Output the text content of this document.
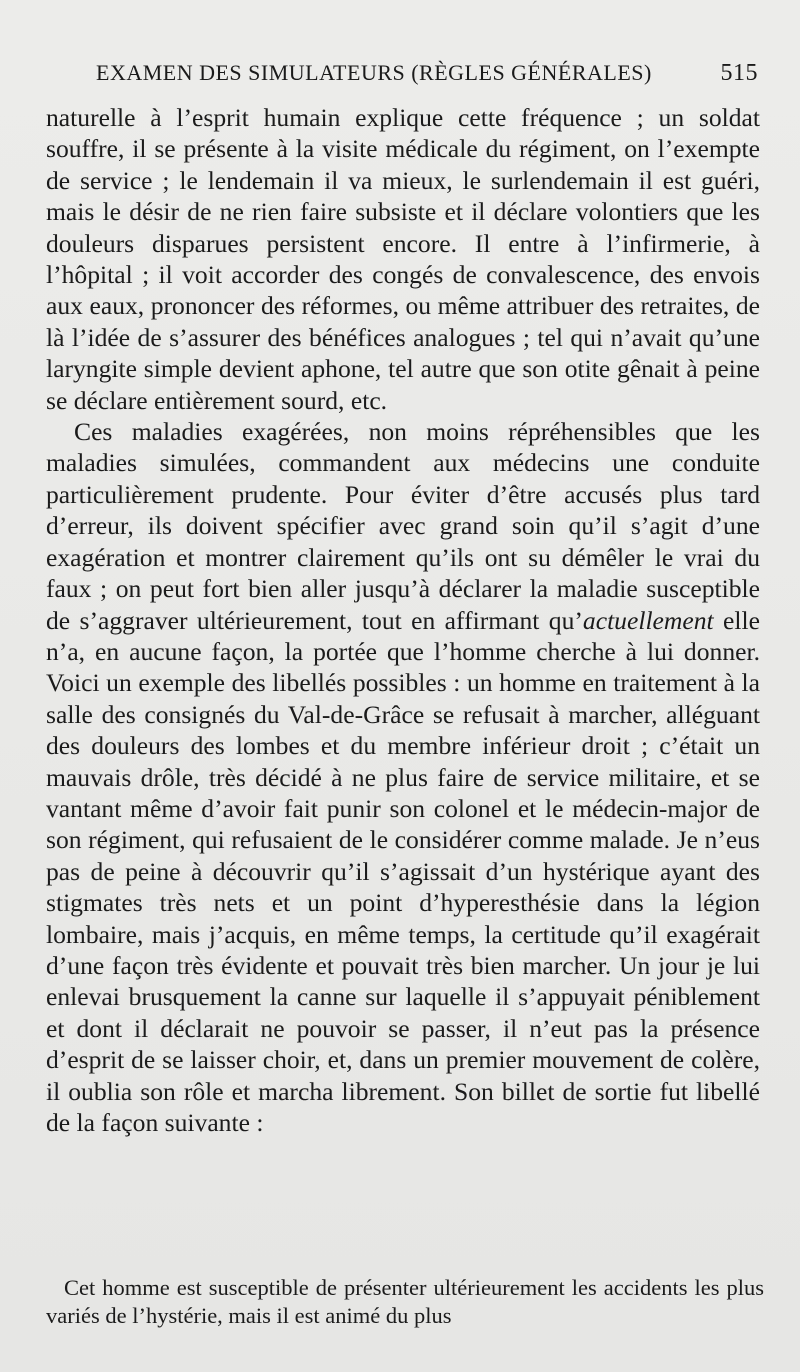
EXAMEN DES SIMULATEURS (RÈGLES GÉNÉRALES)	515

naturelle à l’esprit humain explique cette fréquence ; un soldat souffre, il se présente à la visite médicale du régiment, on l’exempte de service ; le lendemain il va mieux, le surlendemain il est guéri, mais le désir de ne rien faire subsiste et il déclare volontiers que les douleurs disparues persistent encore. Il entre à l’infirmerie, à l’hôpital ; il voit accorder des congés de convalescence, des envois aux eaux, prononcer des réformes, ou même attribuer des retraites, de là l’idée de s’assurer des bénéfices analogues ; tel qui n’avait qu’une laryngite simple devient aphone, tel autre que son otite gênait à peine se déclare entièrement sourd, etc.

Ces maladies exagérées, non moins répréhensibles que les maladies simulées, commandent aux médecins une conduite particulièrement prudente. Pour éviter d’être accusés plus tard d’erreur, ils doivent spécifier avec grand soin qu’il s’agit d’une exagération et montrer clairement qu’ils ont su démêler le vrai du faux ; on peut fort bien aller jusqu’à déclarer la maladie susceptible de s’aggraver ultérieurement, tout en affirmant qu’actuellement elle n’a, en aucune façon, la portée que l’homme cherche à lui donner. Voici un exemple des libellés possibles : un homme en traitement à la salle des consignés du Val-de-Grâce se refusait à marcher, alléguant des douleurs des lombes et du membre inférieur droit ; c’était un mauvais drôle, très décidé à ne plus faire de service militaire, et se vantant même d’avoir fait punir son colonel et le médecin-major de son régiment, qui refusaient de le considérer comme malade. Je n’eus pas de peine à découvrir qu’il s’agissait d’un hystérique ayant des stigmates très nets et un point d’hyperesthésie dans la légion lombaire, mais j’acquis, en même temps, la certitude qu’il exagérait d’une façon très évidente et pouvait très bien marcher. Un jour je lui enlevai brusquement la canne sur laquelle il s’appuyait péniblement et dont il déclarait ne pouvoir se passer, il n’eut pas la présence d’esprit de se laisser choir, et, dans un premier mouvement de colère, il oublia son rôle et marcha librement. Son billet de sortie fut libellé de la façon suivante :

Cet homme est susceptible de présenter ultérieurement les accidents les plus variés de l’hystérie, mais il est animé du plus
